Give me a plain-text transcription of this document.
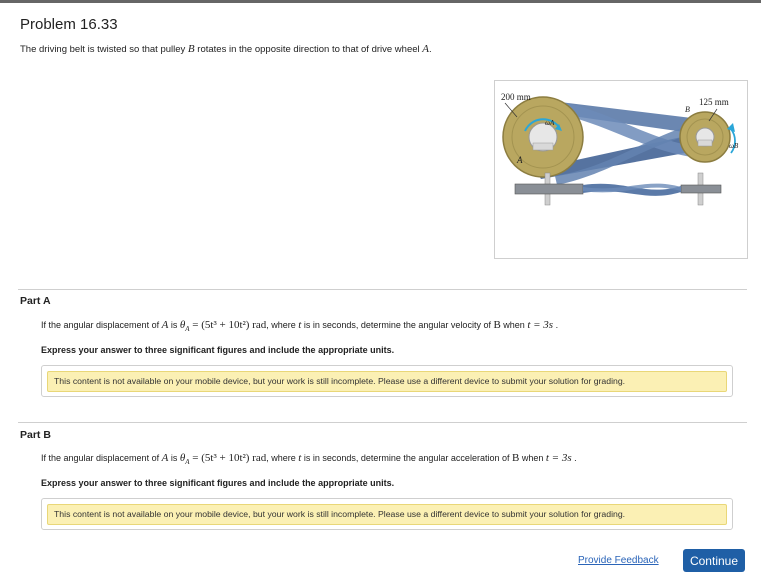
Problem 16.33
The driving belt is twisted so that pulley B rotates in the opposite direction to that of drive wheel A.
200 mm	125 mm
A
B
ωA
ωB
Part A
If the angular displacement of A is $\theta_A = (5t^3 + 10t^2)$ rad, where t is in seconds, determine the angular velocity of B when t = 3s .
Express your answer to three significant figures and include the appropriate units.
This content is not available on your mobile device, but your work is still incomplete. Please use a different device to submit your solution for grading.
Part B
If the angular displacement of A is $\theta_A = (5t^3 + 10t^2)$ rad, where t is in seconds, determine the angular acceleration of B when t = 3s .
Express your answer to three significant figures and include the appropriate units.
This content is not available on your mobile device, but your work is still incomplete. Please use a different device to submit your solution for grading.
Provide Feedback	Continue
